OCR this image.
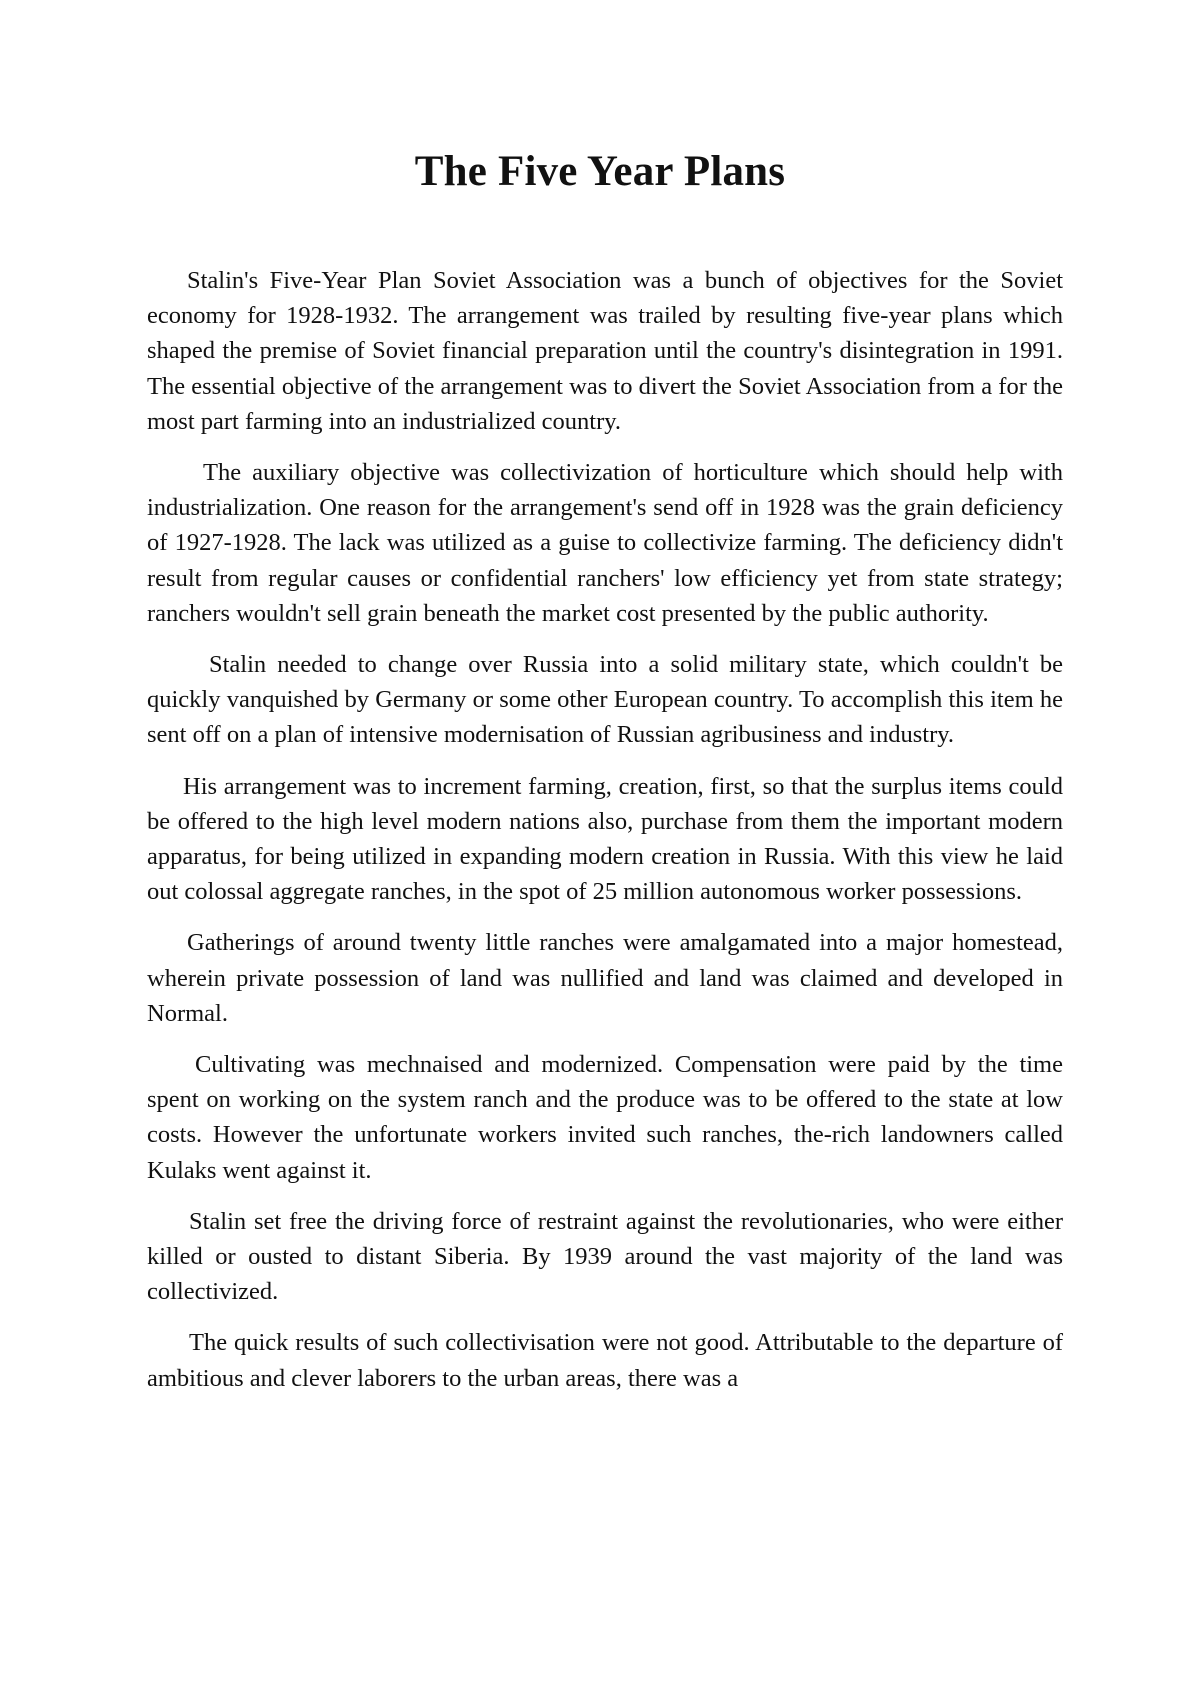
The Five Year Plans

Stalin's Five-Year Plan Soviet Association was a bunch of objectives for the Soviet economy for 1928-1932. The arrangement was trailed by resulting five-year plans which shaped the premise of Soviet financial preparation until the country's disintegration in 1991. The essential objective of the arrangement was to divert the Soviet Association from a for the most part farming into an industrialized country.

The auxiliary objective was collectivization of horticulture which should help with industrialization. One reason for the arrangement's send off in 1928 was the grain deficiency of 1927-1928. The lack was utilized as a guise to collectivize farming. The deficiency didn't result from regular causes or confidential ranchers' low efficiency yet from state strategy; ranchers wouldn't sell grain beneath the market cost presented by the public authority.

Stalin needed to change over Russia into a solid military state, which couldn't be quickly vanquished by Germany or some other European country. To accomplish this item he sent off on a plan of intensive modernisation of Russian agribusiness and industry.

His arrangement was to increment farming, creation, first, so that the surplus items could be offered to the high level modern nations also, purchase from them the important modern apparatus, for being utilized in expanding modern creation in Russia. With this view he laid out colossal aggregate ranches, in the spot of 25 million autonomous worker possessions.

Gatherings of around twenty little ranches were amalgamated into a major homestead, wherein private possession of land was nullified and land was claimed and developed in Normal.

Cultivating was mechnaised and modernized. Compensation were paid by the time spent on working on the system ranch and the produce was to be offered to the state at low costs. However the unfortunate workers invited such ranches, the-rich landowners called Kulaks went against it.

Stalin set free the driving force of restraint against the revolutionaries, who were either killed or ousted to distant Siberia. By 1939 around the vast majority of the land was collectivized.

The quick results of such collectivisation were not good. Attributable to the departure of ambitious and clever laborers to the urban areas, there was a
